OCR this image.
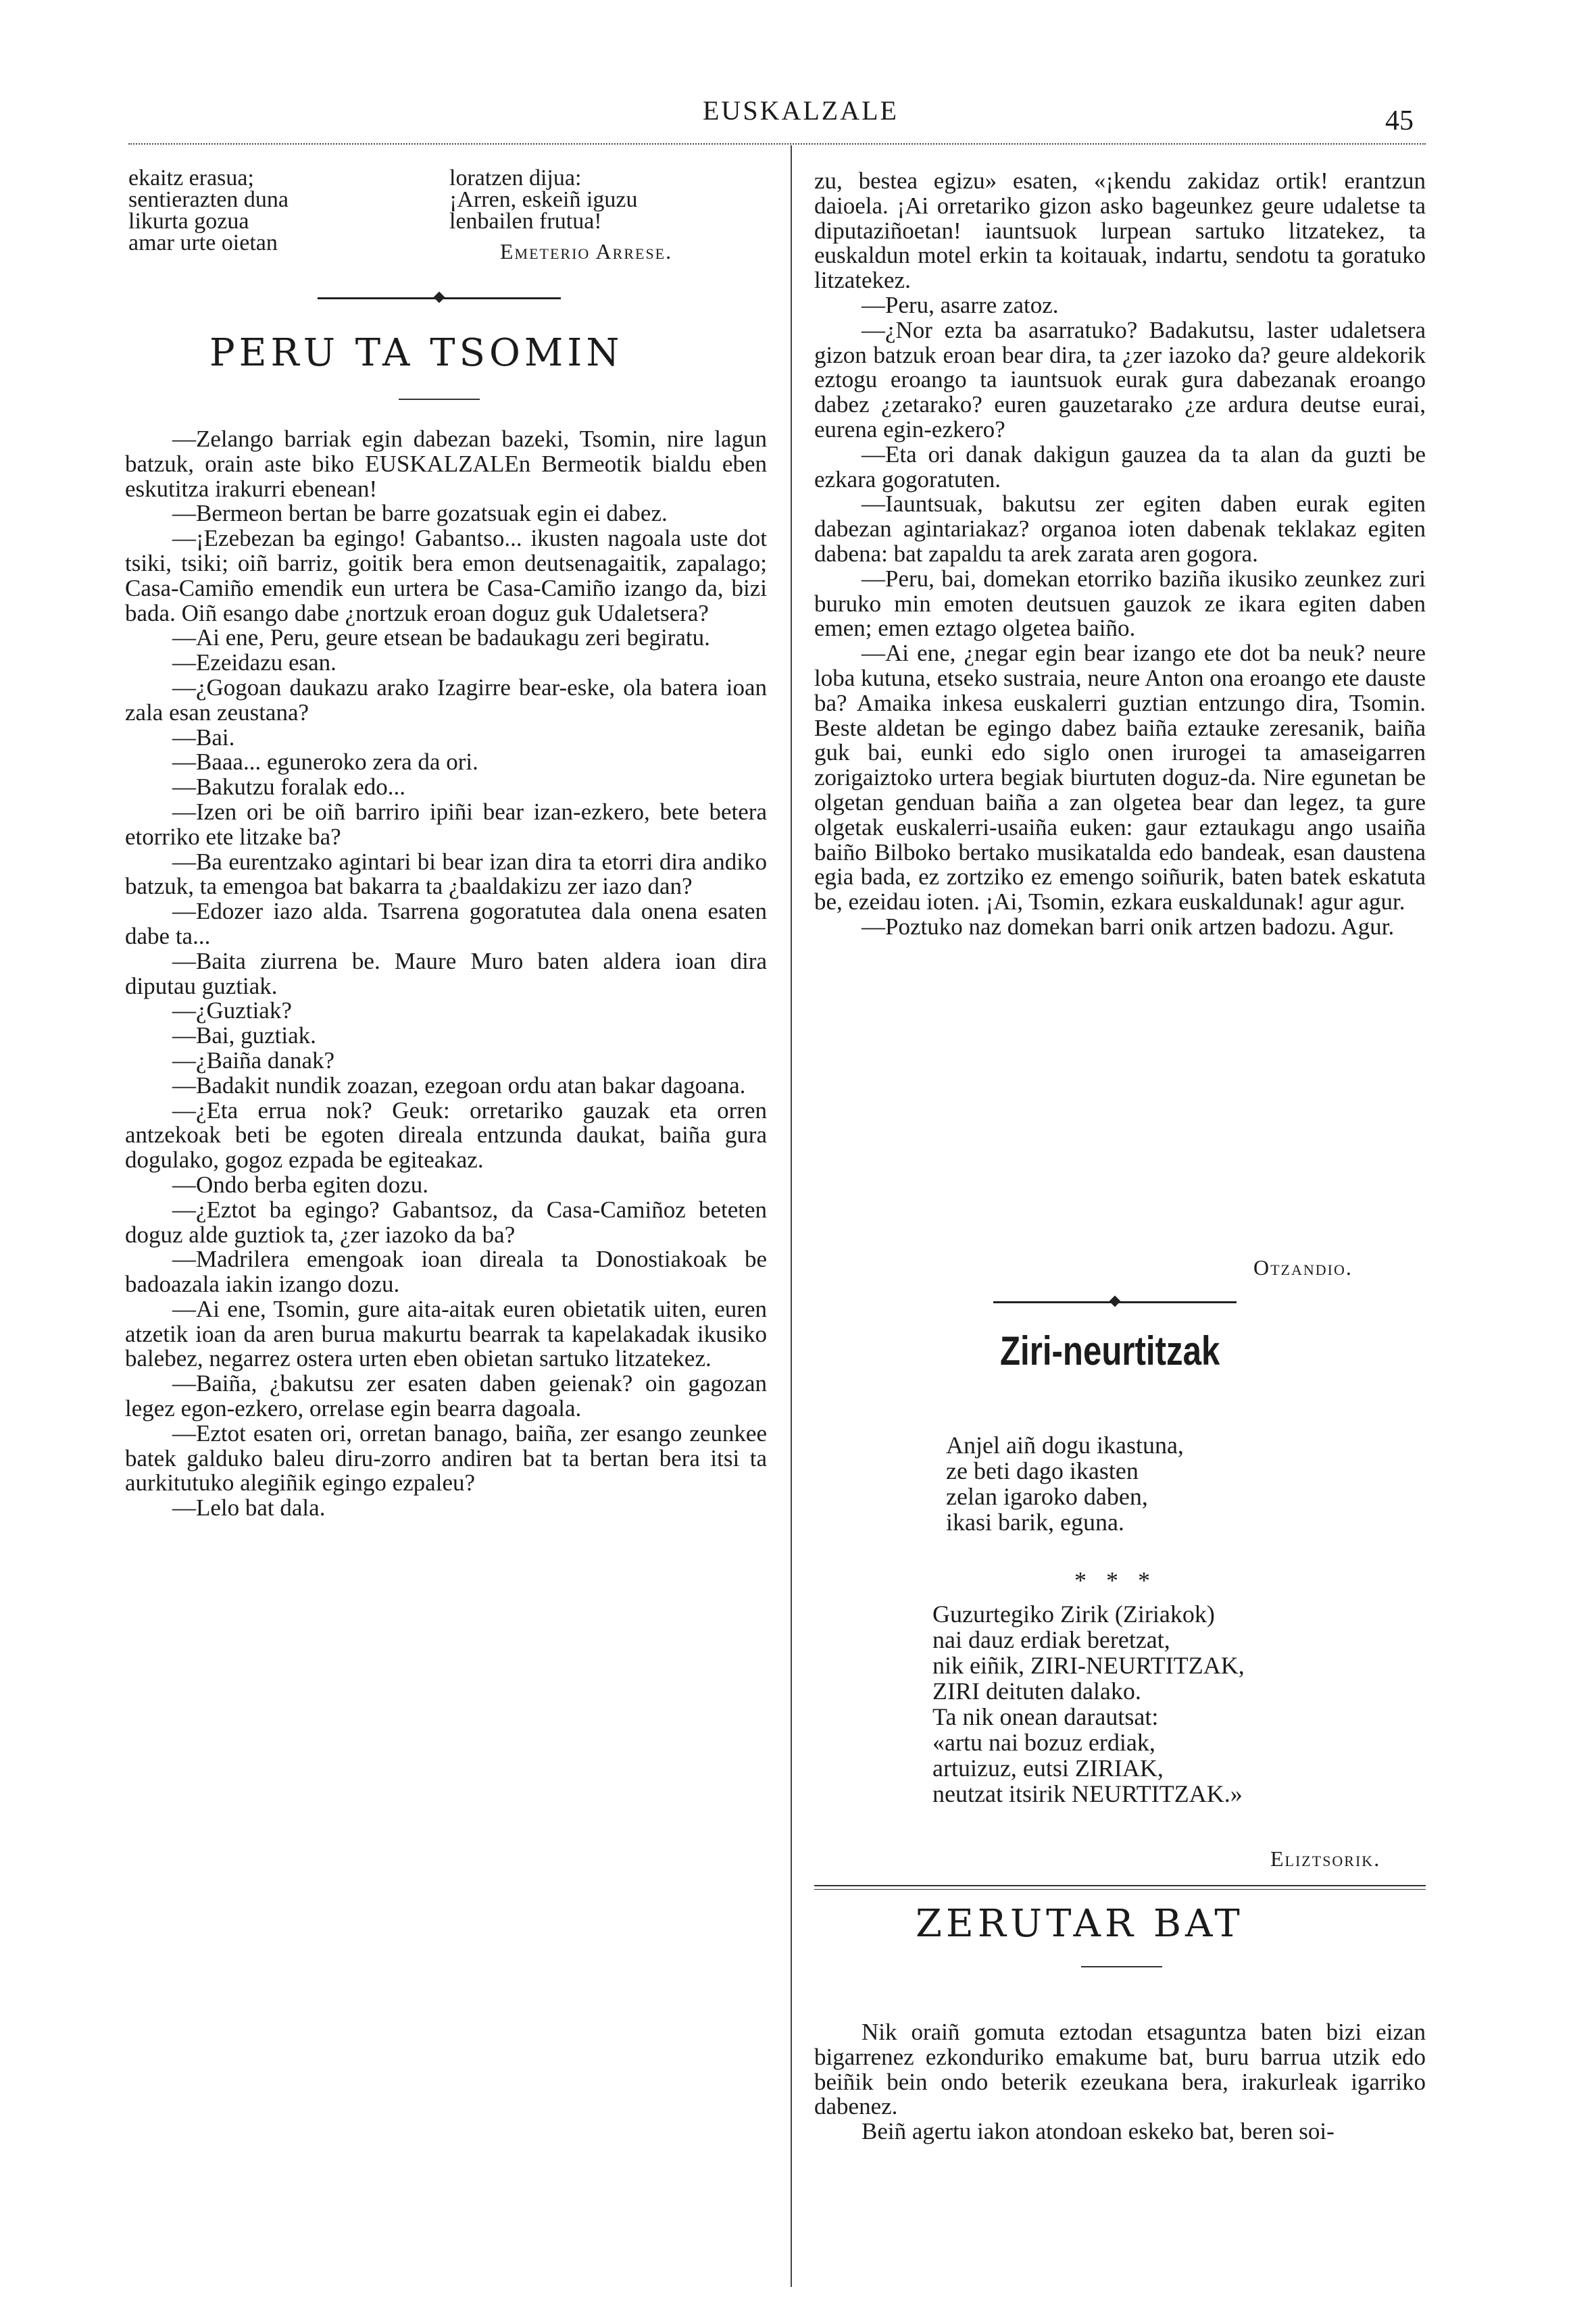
EUSKALZALE	45
ekaitz erasua;
sentierazten duna
likurta gozua
amar urte oietan
loratzen dijua:
¡Arren, eskeiñ iguzu
lenbailen frutua!
Emeterio Arrese.
PERU TA TSOMIN

—Zelango barriak egin dabezan bazeki, Tsomin, nire lagun batzuk, orain aste biko EUSKALZALEn Bermeotik bialdu eben eskutitza irakurri ebenean!

—Bermeon bertan be barre gozatsuak egin ei dabez.

—¡Ezebezan ba egingo! Gabantso... ikusten nagoala uste dot tsiki, tsiki; oiñ barriz, goitik bera emon deutsenagaitik, zapalago; Casa-Camiño emendik eun urtera be Casa-Camiño izango da, bizi bada. Oiñ esango dabe ¿nortzuk eroan doguz guk Udaletsera?

—Ai ene, Peru, geure etsean be badaukagu zeri begiratu.

—Ezeidazu esan.

—¿Gogoan daukazu arako Izagirre bear-eske, ola batera ioan zala esan zeustana?

—Bai.

—Baaa... eguneroko zera da ori.

—Bakutzu foralak edo...

—Izen ori be oiñ barriro ipiñi bear izan-ezkero, bete betera etorriko ete litzake ba?

—Ba eurentzako agintari bi bear izan dira ta etorri dira andiko batzuk, ta emengoa bat bakarra ta ¿baaldakizu zer iazo dan?

—Edozer iazo alda. Tsarrena gogoratutea dala onena esaten dabe ta...

—Baita ziurrena be. Maure Muro baten aldera ioan dira diputau guztiak.

—¿Guztiak?

—Bai, guztiak.

—¿Baiña danak?

—Badakit nundik zoazan, ezegoan ordu atan bakar dagoana.

—¿Eta errua nok? Geuk: orretariko gauzak eta orren antzekoak beti be egoten direala entzunda daukat, baiña gura dogulako, gogoz ezpada be egiteakaz.

—Ondo berba egiten dozu.

—¿Eztot ba egingo? Gabantsoz, da Casa-Camiñoz beteten doguz alde guztiok ta, ¿zer iazoko da ba?

—Madrilera emengoak ioan direala ta Donostiakoak be badoazala iakin izango dozu.

—Ai ene, Tsomin, gure aita-aitak euren obietatik uiten, euren atzetik ioan da aren burua makurtu bearrak ta kapelakadak ikusiko balebez, negarrez ostera urten eben obietan sartuko litzatekez.

—Baiña, ¿bakutsu zer esaten daben geienak? oin gagozan legez egon-ezkero, orrelase egin bearra dagoala.

—Eztot esaten ori, orretan banago, baiña, zer esango zeunkee batek galduko baleu diru-zorro andiren bat ta bertan bera itsi ta aurkitutuko alegiñik egingo ezpaleu?

—Lelo bat dala.

zu, bestea egizu» esaten, «¡kendu zakidaz ortik! erantzun daioela. ¡Ai orretariko gizon asko bageunkez geure udaletse ta diputaziñoetan! iauntsuok lurpean sartuko litzatekez, ta euskaldun motel erkin ta koitauak, indartu, sendotu ta goratuko litzatekez.

—Peru, asarre zatoz.

—¿Nor ezta ba asarratuko? Badakutsu, laster udaletsera gizon batzuk eroan bear dira, ta ¿zer iazoko da? geure aldekorik eztogu eroango ta iauntsuok eurak gura dabezanak eroango dabez ¿zetarako? euren gauzetarako ¿ze ardura deutse eurai, eurena egin-ezkero?

—Eta ori danak dakigun gauzea da ta alan da guzti be ezkara gogoratuten.

—Iauntsuak, bakutsu zer egiten daben eurak egiten dabezan agintariakaz? organoa ioten dabenak teklakaz egiten dabena: bat zapaldu ta arek zarata aren gogora.

—Peru, bai, domekan etorriko baziña ikusiko zeunkez zuri buruko min emoten deutsuen gauzok ze ikara egiten daben emen; emen eztago olgetea baiño.

—Ai ene, ¿negar egin bear izango ete dot ba neuk? neure loba kutuna, etseko sustraia, neure Anton ona eroango ete dauste ba? Amaika inkesa euskalerri guztian entzungo dira, Tsomin. Beste aldetan be egingo dabez baiña eztauke zeresanik, baiña guk bai, eunki edo siglo onen irurogei ta amaseigarren zorigaiztoko urtera begiak biurtuten doguz-da. Nire egunetan be olgetan genduan baiña a zan olgetea bear dan legez, ta gure olgetak euskalerri-usaiña euken: gaur eztaukagu ango usaiña baiño Bilboko bertako musikatalda edo bandeak, esan daustena egia bada, ez zortziko ez emengo soiñurik, baten batek eskatuta be, ezeidau ioten. ¡Ai, Tsomin, ezkara euskaldunak! agur agur.

—Poztuko naz domekan barri onik artzen badozu. Agur.

Otzandio.
Ziri-neurtitzak
Anjel aiñ dogu ikastuna,
ze beti dago ikasten
zelan igaroko daben,
ikasi barik, eguna.
* * *
Guzurtegiko Zirik (Ziriakok)
nai dauz erdiak beretzat,
nik eiñik, ZIRI-NEURTITZAK,
ZIRI deituten dalako.
Ta nik onean darautsat:
«artu nai bozuz erdiak,
artuizuz, eutsi ZIRIAK,
neutzat itsirik NEURTITZAK.»
Eliztsorik.
ZERUTAR BAT

Nik oraiñ gomuta eztodan etsaguntza baten bizi eizan bigarrenez ezkonduriko emakume bat, buru barrua utzik edo beiñik bein ondo beterik ezeukana bera, irakurleak igarriko dabenez.

Beiñ agertu iakon atondoan eskeko bat, beren soi-
